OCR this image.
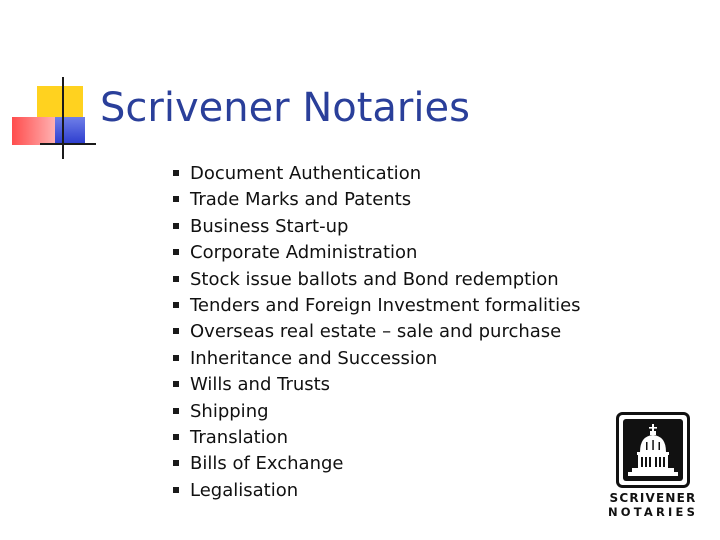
Scrivener Notaries
Document Authentication
Trade Marks and Patents
Business Start-up
Corporate Administration
Stock issue ballots and Bond redemption
Tenders and Foreign Investment formalities
Overseas real estate – sale and purchase
Inheritance and Succession
Wills and Trusts
Shipping
Translation
Bills of Exchange
Legalisation	SCRIVENER
NOTARIES
